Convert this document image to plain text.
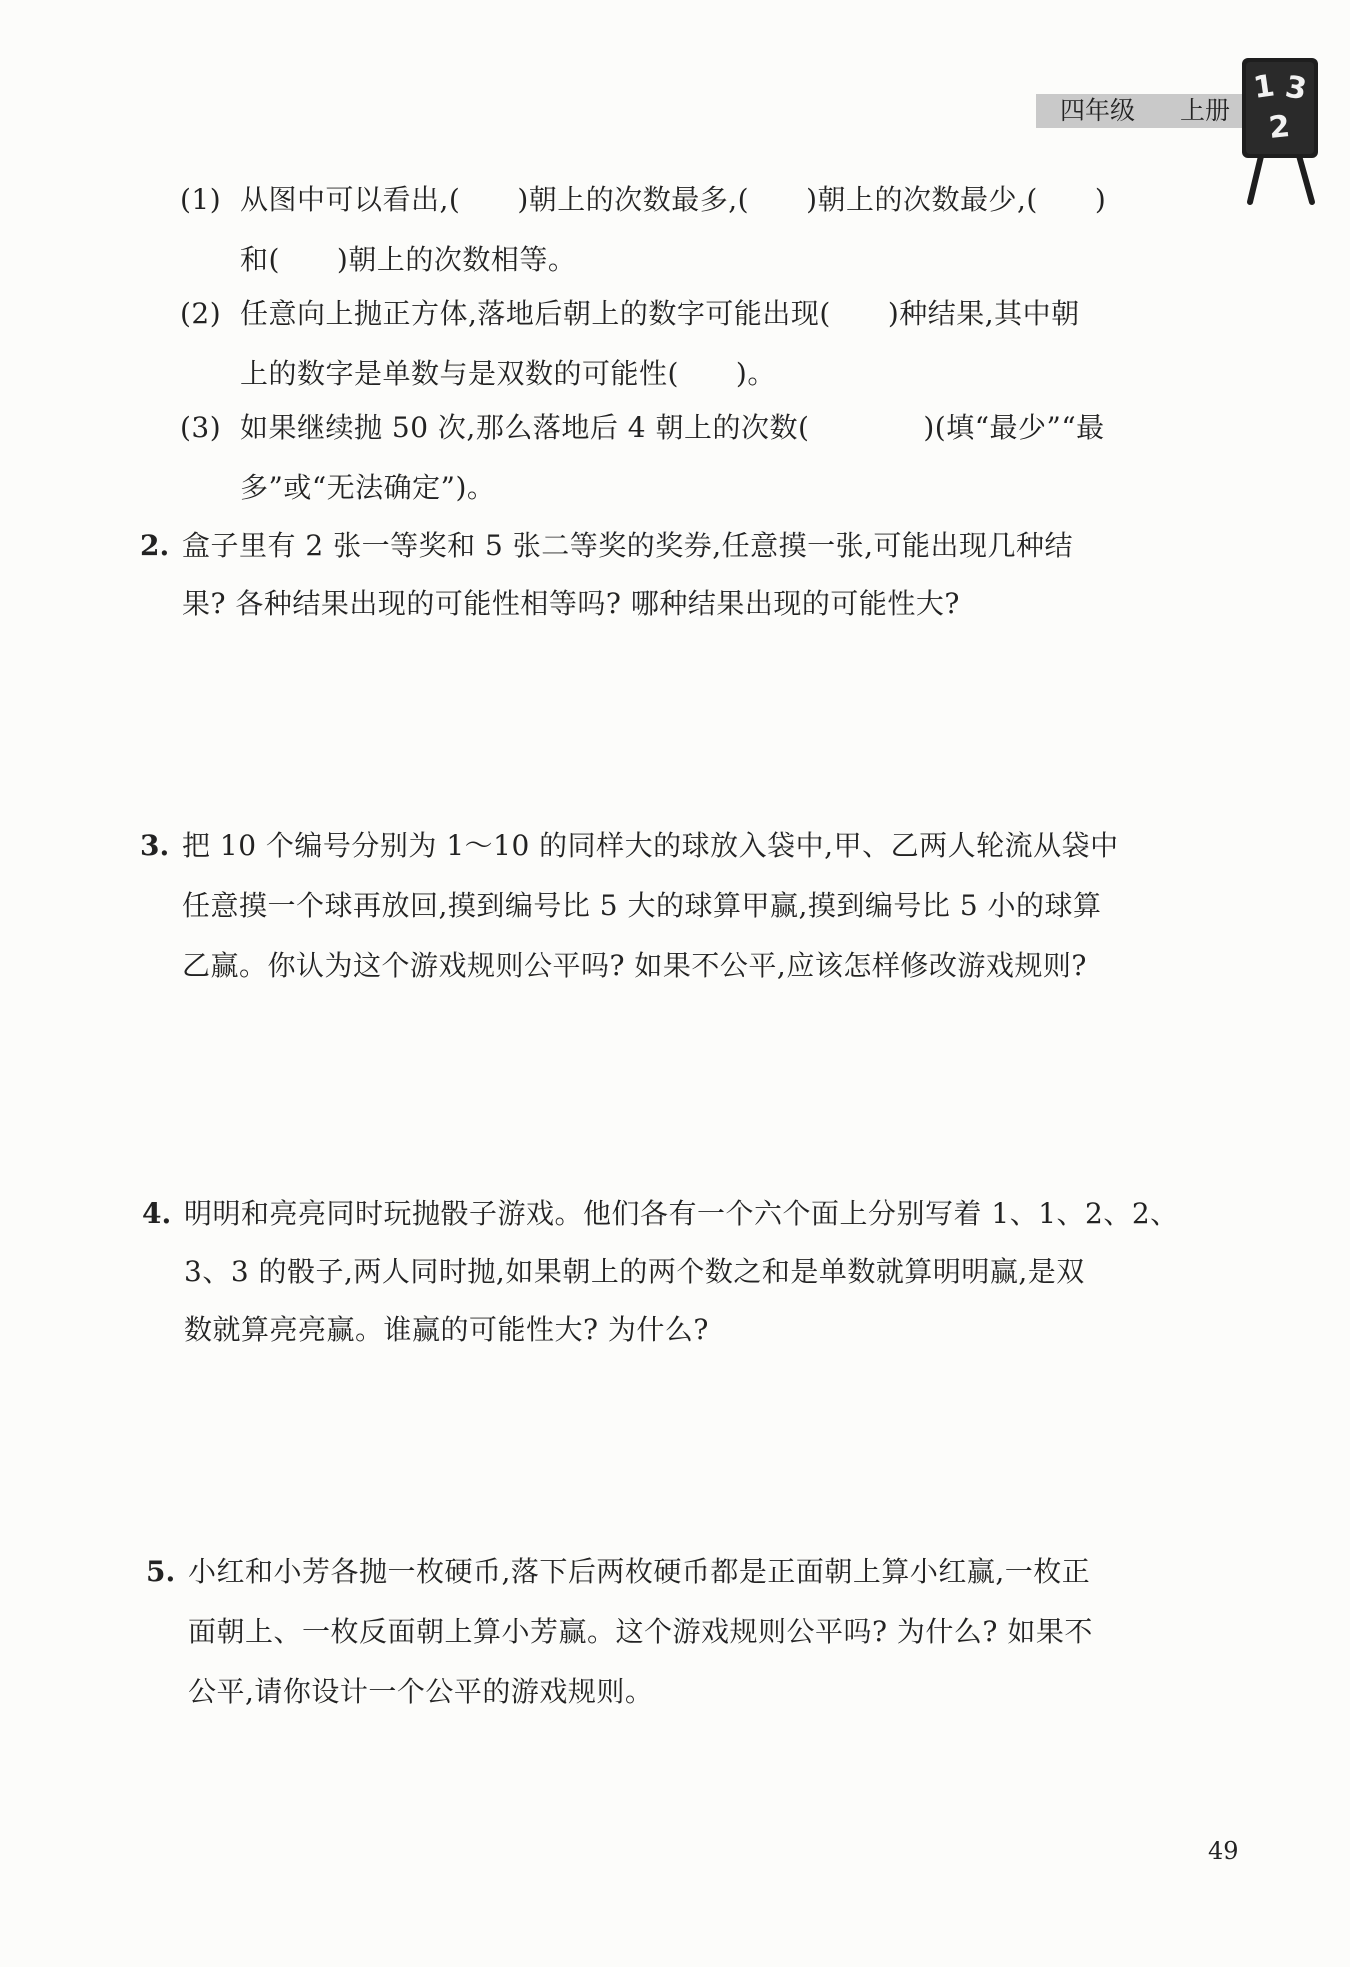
四年级 上册
1 3
2
(1) 从图中可以看出,(　　)朝上的次数最多,(　　)朝上的次数最少,(　　)
和(　　)朝上的次数相等。
(2) 任意向上抛正方体,落地后朝上的数字可能出现(　　)种结果,其中朝
上的数字是单数与是双数的可能性(　　)。
(3) 如果继续抛 50 次,那么落地后 4 朝上的次数(　　　　)(填“最少”“最
多”或“无法确定”)。
2. 盒子里有 2 张一等奖和 5 张二等奖的奖券,任意摸一张,可能出现几种结
果? 各种结果出现的可能性相等吗? 哪种结果出现的可能性大?
3. 把 10 个编号分别为 1～10 的同样大的球放入袋中,甲、乙两人轮流从袋中
任意摸一个球再放回,摸到编号比 5 大的球算甲赢,摸到编号比 5 小的球算
乙赢。你认为这个游戏规则公平吗? 如果不公平,应该怎样修改游戏规则?
4. 明明和亮亮同时玩抛骰子游戏。他们各有一个六个面上分别写着 1、1、2、2、
3、3 的骰子,两人同时抛,如果朝上的两个数之和是单数就算明明赢,是双
数就算亮亮赢。谁赢的可能性大? 为什么?
5. 小红和小芳各抛一枚硬币,落下后两枚硬币都是正面朝上算小红赢,一枚正
面朝上、一枚反面朝上算小芳赢。这个游戏规则公平吗? 为什么? 如果不
公平,请你设计一个公平的游戏规则。
49
